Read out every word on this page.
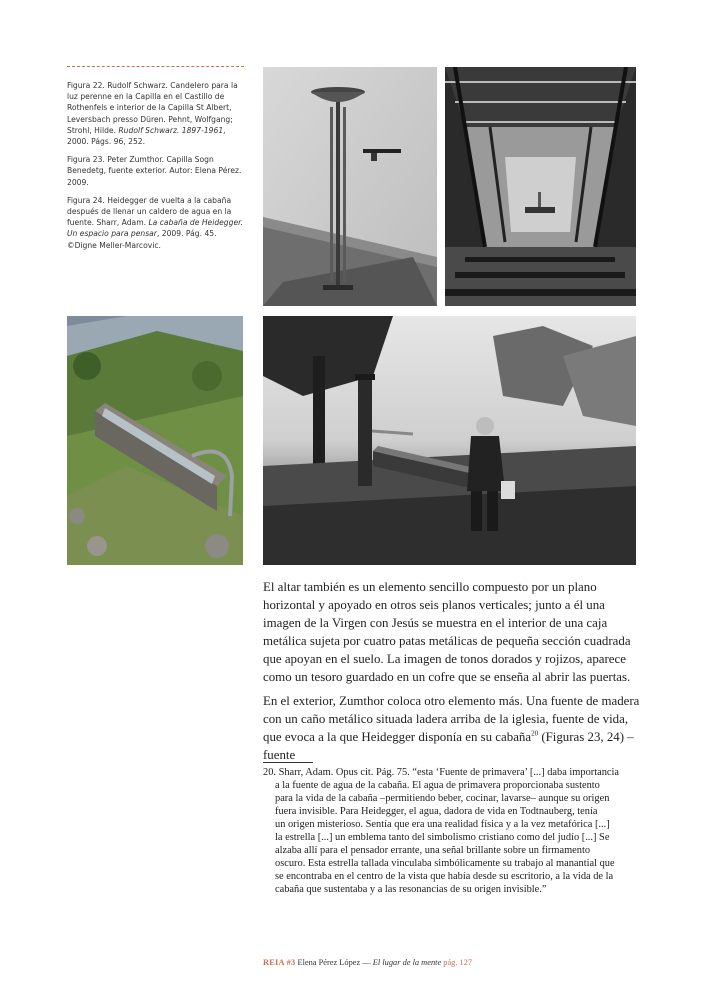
Figura 22. Rudolf Schwarz. Candelero para la luz perenne en la Capilla en el Castillo de Rothenfels e interior de la Capilla St Albert, Leversbach presso Düren. Pehnt, Wolfgang; Strohl, Hilde. Rudolf Schwarz. 1897-1961, 2000. Págs. 96, 252.

Figura 23. Peter Zumthor. Capilla Sogn Benedetg, fuente exterior. Autor: Elena Pérez. 2009.

Figura 24. Heidegger de vuelta a la cabaña después de llenar un caldero de agua en la fuente. Sharr, Adam. La cabaña de Heidegger. Un espacio para pensar, 2009. Pág. 45. ©Digne Meller-Marcovic.

El altar también es un elemento sencillo compuesto por un plano horizontal y apoyado en otros seis planos verticales; junto a él una imagen de la Virgen con Jesús se muestra en el interior de una caja metálica sujeta por cuatro patas metálicas de pequeña sección cuadrada que apoyan en el suelo. La imagen de tonos dorados y rojizos, aparece como un tesoro guardado en un cofre que se enseña al abrir las puertas.
En el exterior, Zumthor coloca otro elemento más. Una fuente de madera con un caño metálico situada ladera arriba de la iglesia, fuente de vida, que evoca a la que Heidegger disponía en su cabaña$^{20}$ (Figuras 23, 24) –fuente

20. Sharr, Adam. Opus cit. Pág. 75. “esta ‘Fuente de primavera’ [...] daba importancia

a la fuente de agua de la cabaña. El agua de primavera proporcionaba sustento

para la vida de la cabaña –permitiendo beber, cocinar, lavarse– aunque su origen

fuera invisible. Para Heidegger, el agua, dadora de vida en Todtnauberg, tenía

un origen misterioso. Sentía que era una realidad física y a la vez metafórica [...]

la estrella [...] un emblema tanto del simbolismo cristiano como del judío [...] Se

alzaba allí para el pensador errante, una señal brillante sobre un firmamento

oscuro. Esta estrella tallada vinculaba simbólicamente su trabajo al manantial que

se encontraba en el centro de la vista que había desde su escritorio, a la vida de la

cabaña que sustentaba y a las resonancias de su origen invisible.”

REIA #3 Elena Pérez López — El lugar de la mente pág. 127
